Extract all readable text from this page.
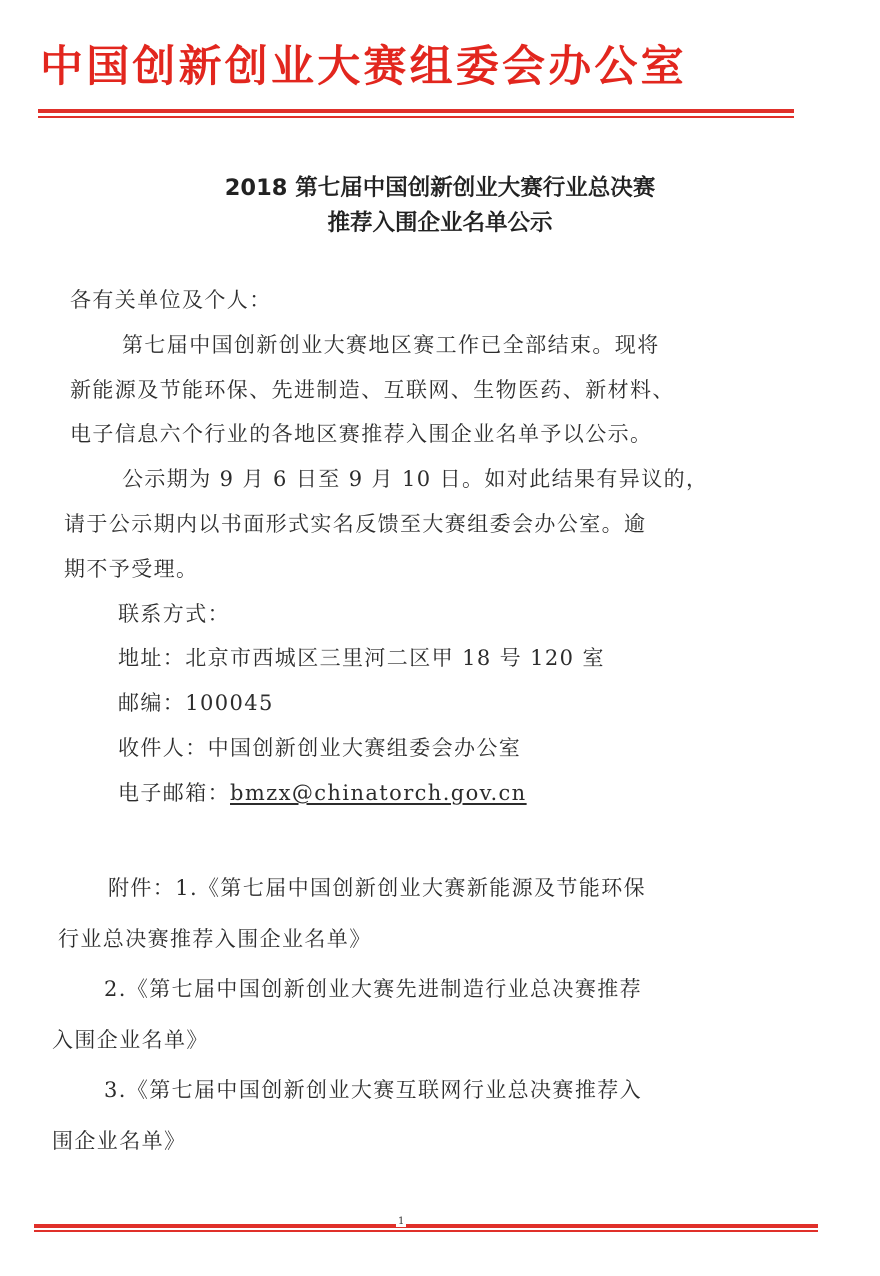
中国创新创业大赛组委会办公室
2018 第七届中国创新创业大赛行业总决赛
推荐入围企业名单公示
各有关单位及个人：
第七届中国创新创业大赛地区赛工作已全部结束。现将
新能源及节能环保、先进制造、互联网、生物医药、新材料、
电子信息六个行业的各地区赛推荐入围企业名单予以公示。
公示期为 9 月 6 日至 9 月 10 日。如对此结果有异议的，
请于公示期内以书面形式实名反馈至大赛组委会办公室。逾
期不予受理。
联系方式：
地址：北京市西城区三里河二区甲 18 号 120 室
邮编：100045
收件人：中国创新创业大赛组委会办公室
电子邮箱：bmzx@chinatorch.gov.cn
附件：1.《第七届中国创新创业大赛新能源及节能环保
行业总决赛推荐入围企业名单》
2.《第七届中国创新创业大赛先进制造行业总决赛推荐
入围企业名单》
3.《第七届中国创新创业大赛互联网行业总决赛推荐入
围企业名单》
1
